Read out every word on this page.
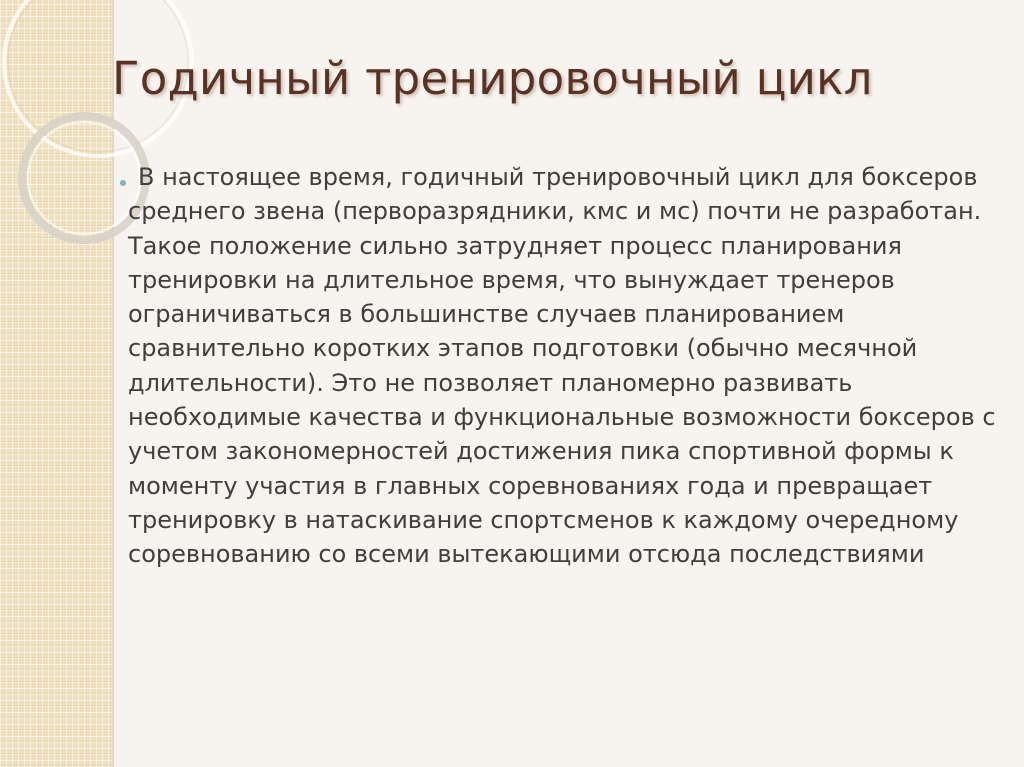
Годичный тренировочный цикл

В настоящее время, годичный тренировочный цикл для боксеров среднего звена (перворазрядники, кмс и мс) почти не разработан. Такое положение сильно затрудняет процесс планирования тренировки на длительное время, что вынуждает тренеров ограничиваться в большинстве случаев планированием сравнительно коротких этапов подготовки (обычно месячной длительности). Это не позволяет планомерно развивать необходимые качества и функциональные возможности боксеров с учетом закономерностей достижения пика спортивной формы к моменту участия в главных соревнованиях года и превращает тренировку в натаскивание спортсменов к каждому очередному соревнованию со всеми вытекающими отсюда последствиями
